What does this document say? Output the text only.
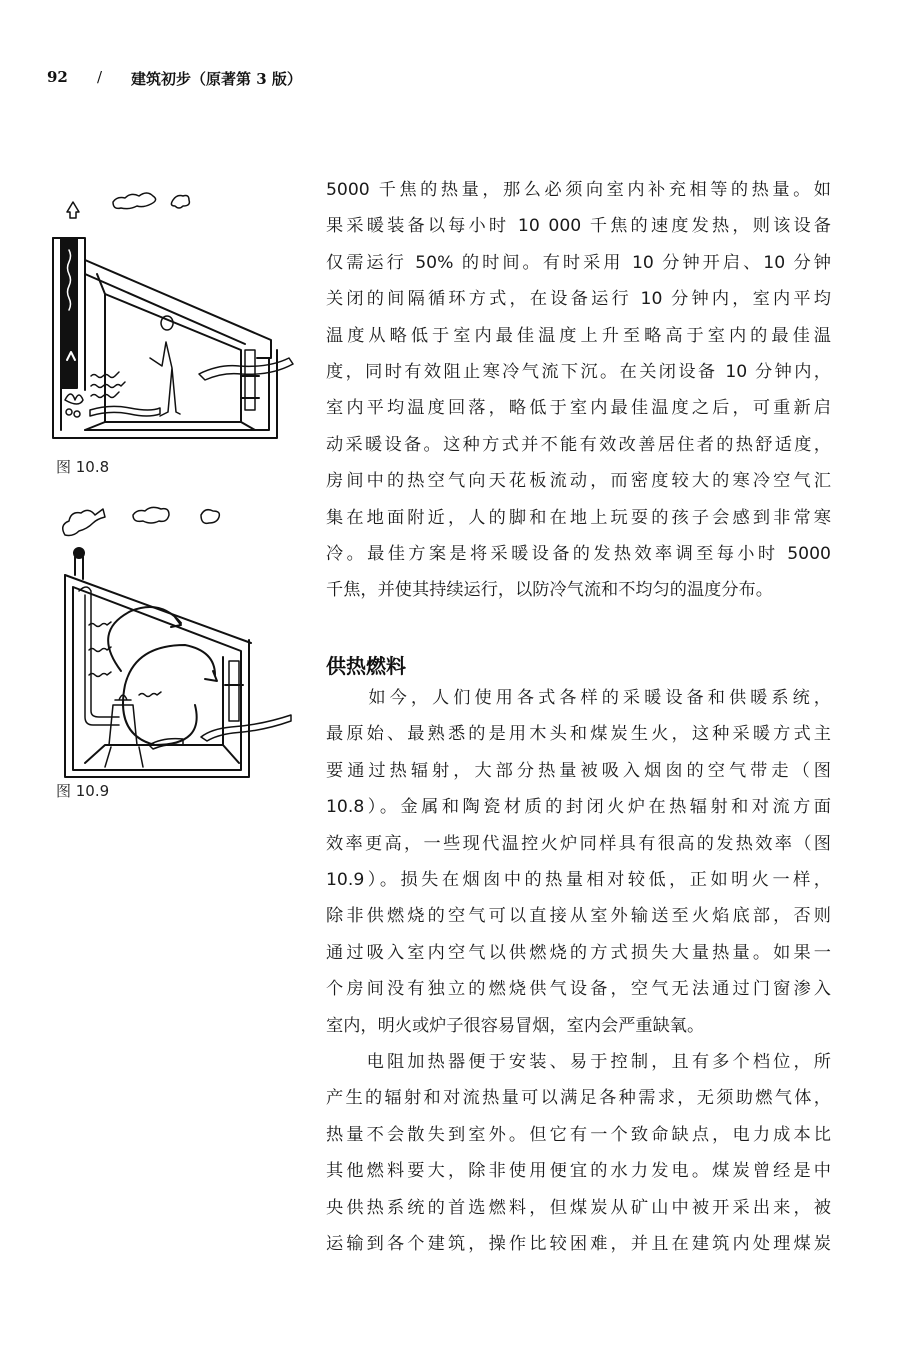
92

/

建筑初步（原著第 3 版）

图 10.8
图 10.9
5000 千焦的热量，那么必须向室内补充相等的热量。如
果采暖装备以每小时 10 000 千焦的速度发热，则该设备
仅需运行 50% 的时间。有时采用 10 分钟开启、10 分钟
关闭的间隔循环方式，在设备运行 10 分钟内，室内平均
温度从略低于室内最佳温度上升至略高于室内的最佳温
度，同时有效阻止寒冷气流下沉。在关闭设备 10 分钟内，
室内平均温度回落，略低于室内最佳温度之后，可重新启
动采暖设备。这种方式并不能有效改善居住者的热舒适度，
房间中的热空气向天花板流动，而密度较大的寒冷空气汇
集在地面附近，人的脚和在地上玩耍的孩子会感到非常寒
冷。最佳方案是将采暖设备的发热效率调至每小时 5000
千焦，并使其持续运行，以防冷气流和不均匀的温度分布。
供热燃料
　　如今，人们使用各式各样的采暖设备和供暖系统，
最原始、最熟悉的是用木头和煤炭生火，这种采暖方式主
要通过热辐射，大部分热量被吸入烟囱的空气带走（图
10.8）。金属和陶瓷材质的封闭火炉在热辐射和对流方面
效率更高，一些现代温控火炉同样具有很高的发热效率（图
10.9）。损失在烟囱中的热量相对较低，正如明火一样，
除非供燃烧的空气可以直接从室外输送至火焰底部，否则
通过吸入室内空气以供燃烧的方式损失大量热量。如果一
个房间没有独立的燃烧供气设备，空气无法通过门窗渗入
室内，明火或炉子很容易冒烟，室内会严重缺氧。
　　电阻加热器便于安装、易于控制，且有多个档位，所
产生的辐射和对流热量可以满足各种需求，无须助燃气体，
热量不会散失到室外。但它有一个致命缺点，电力成本比
其他燃料要大，除非使用便宜的水力发电。煤炭曾经是中
央供热系统的首选燃料，但煤炭从矿山中被开采出来，被
运输到各个建筑，操作比较困难，并且在建筑内处理煤炭
